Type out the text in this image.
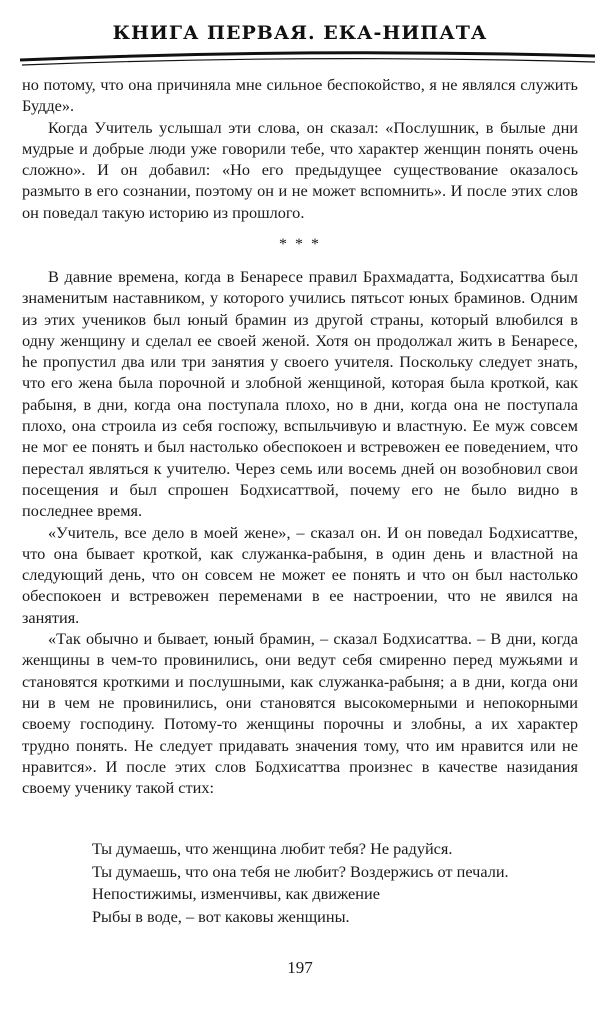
КНИГА ПЕРВАЯ. ЕКА-НИПАТА

но потому, что она причиняла мне сильное беспокойство, я не являлся служить Будде».

Когда Учитель услышал эти слова, он сказал: «Послушник, в былые дни мудрые и добрые люди уже говорили тебе, что характер женщин понять очень сложно». И он добавил: «Но его предыдущее существование оказалось размыто в его сознании, поэтому он и не может вспомнить». И после этих слов он поведал такую историю из прошлого.

* * *

В давние времена, когда в Бенаресе правил Брахмадатта, Бодхисаттва был знаменитым наставником, у которого учились пятьсот юных браминов. Одним из этих учеников был юный брамин из другой страны, который влюбился в одну женщину и сделал ее своей женой. Хотя он продолжал жить в Бенаресе, he пропустил два или три занятия у своего учителя. Поскольку следует знать, что его жена была порочной и злобной женщиной, которая была кроткой, как рабыня, в дни, когда она поступала плохо, но в дни, когда она не поступала плохо, она строила из себя госпожу, вспыльчивую и властную. Ее муж совсем не мог ее понять и был настолько обеспокоен и встревожен ее поведением, что перестал являться к учителю. Через семь или восемь дней он возобновил свои посещения и был спрошен Бодхисаттвой, почему его не было видно в последнее время.

«Учитель, все дело в моей жене», – сказал он. И он поведал Бодхисаттве, что она бывает кроткой, как служанка-рабыня, в один день и властной на следующий день, что он совсем не может ее понять и что он был настолько обеспокоен и встревожен переменами в ее настроении, что не явился на занятия.

«Так обычно и бывает, юный брамин, – сказал Бодхисаттва. – В дни, когда женщины в чем-то провинились, они ведут себя смиренно перед мужьями и становятся кроткими и послушными, как служанка-рабыня; а в дни, когда они ни в чем не провинились, они становятся высокомерными и непокорными своему господину. Потому-то женщины порочны и злобны, а их характер трудно понять. Не следует придавать значения тому, что им нравится или не нравится». И после этих слов Бодхисаттва произнес в качестве назидания своему ученику такой стих:

Ты думаешь, что женщина любит тебя? Не радуйся.
Ты думаешь, что она тебя не любит? Воздержись от печали.
Непостижимы, изменчивы, как движение
Рыбы в воде, – вот каковы женщины.
197
